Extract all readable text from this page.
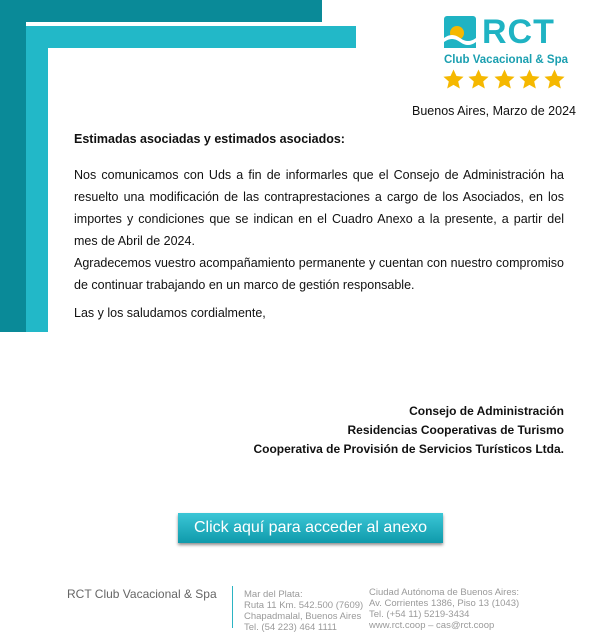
RCT
Club Vacacional & Spa
Buenos Aires, Marzo de 2024
Estimadas asociadas y estimados asociados:

Nos comunicamos con Uds a fin de informarles que el Consejo de Administración ha resuelto una modificación de las contraprestaciones a cargo de los Asociados, en los importes y condiciones que se indican en el Cuadro Anexo a la presente, a partir del mes de Abril de 2024.

Agradecemos vuestro acompañamiento permanente y cuentan con nuestro compromiso de continuar trabajando en un marco de gestión responsable.

Las y los saludamos cordialmente,
Consejo de Administración
Residencias Cooperativas de Turismo
Cooperativa de Provisión de Servicios Turísticos Ltda.
Click aquí para acceder al anexo
RCT Club Vacacional & Spa	Mar del Plata:
Ruta 11 Km. 542.500 (7609)
Chapadmalal, Buenos Aires
Tel. (54 223) 464 1111
Ciudad Autónoma de Buenos Aires:
Av. Corrientes 1386, Piso 13 (1043)
Tel. (+54 11) 5219-3434
www.rct.coop – cas@rct.coop
